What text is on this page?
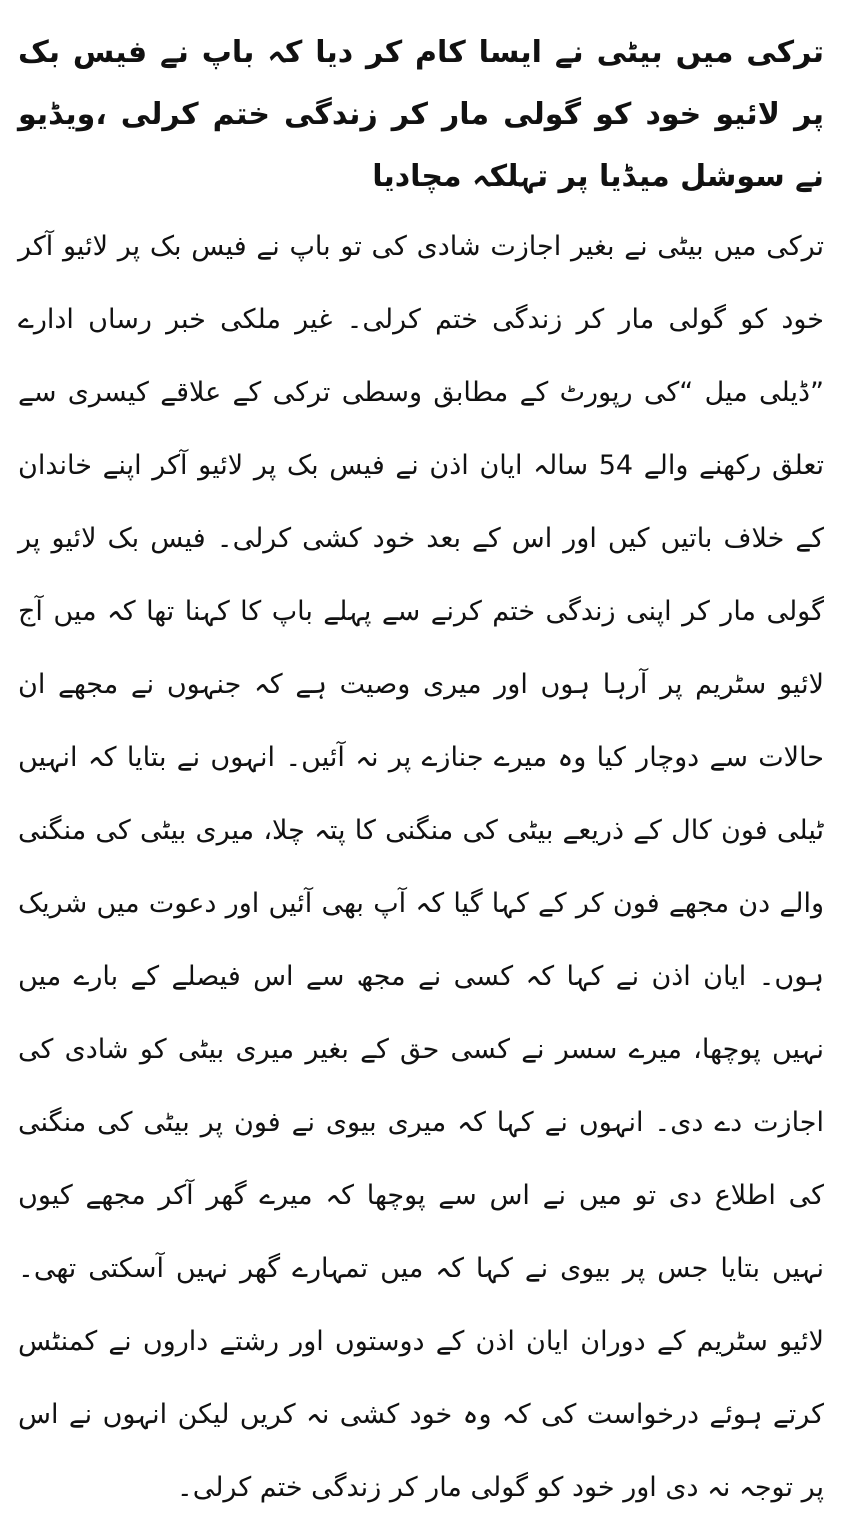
ترکی میں بیٹی نے ایسا کام کر دیا کہ باپ نے فیس بک پر لائیو خود کو گولی مار کر زندگی ختم کرلی ،ویڈیو نے سوشل میڈیا پر تہلکہ مچادیا

ترکی میں بیٹی نے بغیر اجازت شادی کی تو باپ نے فیس بک پر لائیو آکر خود کو گولی مار کر زندگی ختم کرلی۔ غیر ملکی خبر رساں ادارے ”ڈیلی میل “کی رپورٹ کے مطابق وسطی ترکی کے علاقے کیسری سے تعلق رکھنے والے 54 سالہ ایان اذن نے فیس بک پر لائیو آکر اپنے خاندان کے خلاف باتیں کیں اور اس کے بعد خود کشی کرلی۔ فیس بک لائیو پر گولی مار کر اپنی زندگی ختم کرنے سے پہلے باپ کا کہنا تھا کہ میں آج لائیو سٹریم پر آرہا ہوں اور میری وصیت ہے کہ جنہوں نے مجھے ان حالات سے دوچار کیا وہ میرے جنازے پر نہ آئیں۔ انہوں نے بتایا کہ انہیں ٹیلی فون کال کے ذریعے بیٹی کی منگنی کا پتہ چلا، میری بیٹی کی منگنی والے دن مجھے فون کر کے کہا گیا کہ آپ بھی آئیں اور دعوت میں شریک ہوں۔ ایان اذن نے کہا کہ کسی نے مجھ سے اس فیصلے کے بارے میں نہیں پوچھا، میرے سسر نے کسی حق کے بغیر میری بیٹی کو شادی کی اجازت دے دی۔ انہوں نے کہا کہ میری بیوی نے فون پر بیٹی کی منگنی کی اطلاع دی تو میں نے اس سے پوچھا کہ میرے گھر آکر مجھے کیوں نہیں بتایا جس پر بیوی نے کہا کہ میں تمہارے گھر نہیں آسکتی تھی۔ لائیو سٹریم کے دوران ایان اذن کے دوستوں اور رشتے داروں نے کمنٹس کرتے ہوئے درخواست کی کہ وہ خود کشی نہ کریں لیکن انہوں نے اس پر توجہ نہ دی اور خود کو گولی مار کر زندگی ختم کرلی۔
